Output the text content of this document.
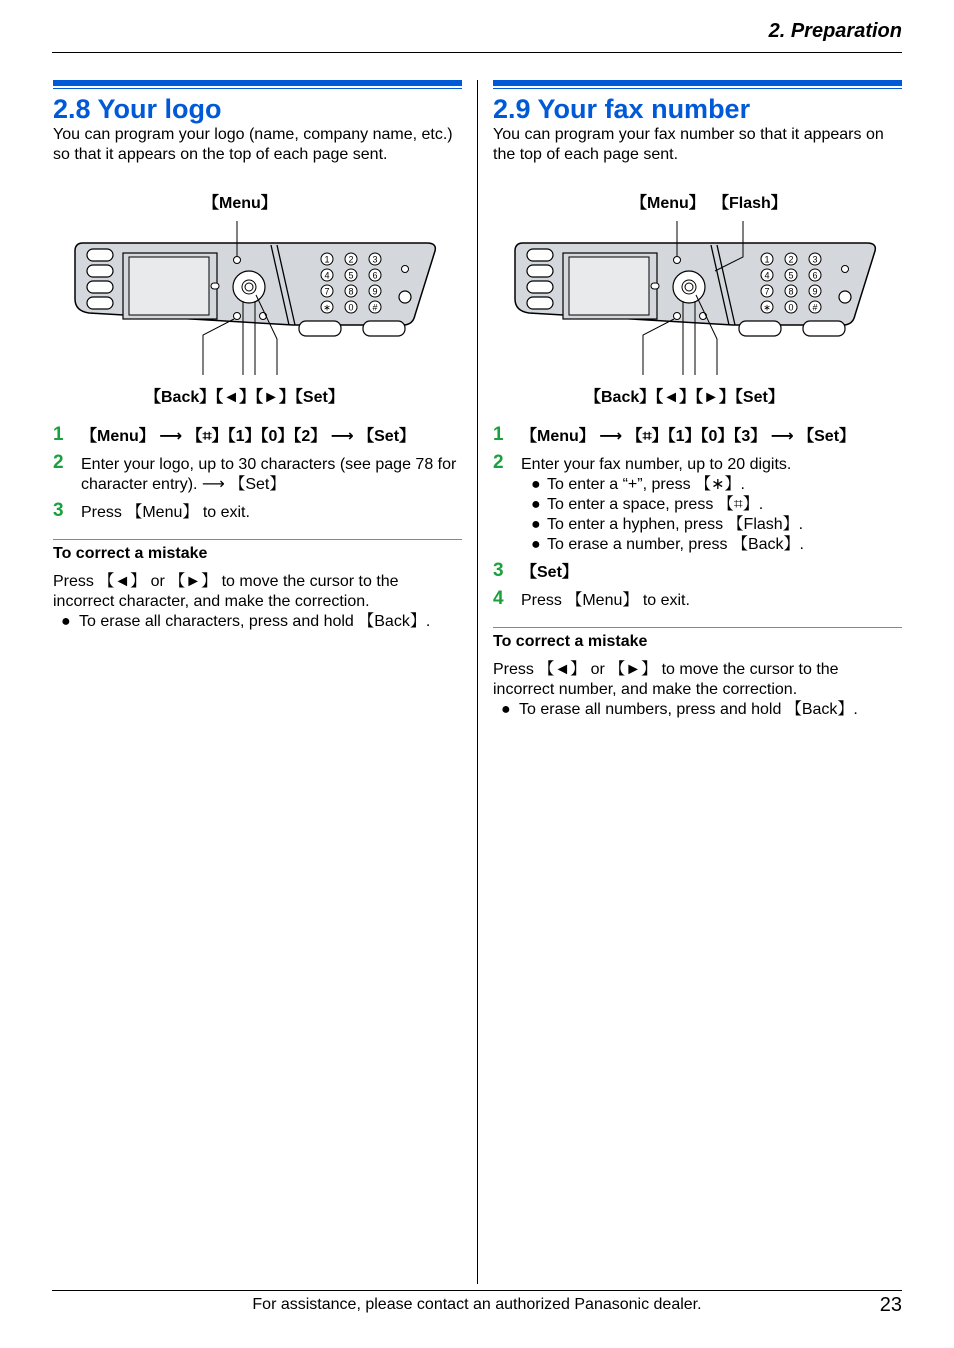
2. Preparation
2.8 Your logo

You can program your logo (name, company name, etc.) so that it appears on the top of each page sent.

【Menu】
1 2 3
4 5 6
7 8 9
∗ 0 #
【Back】【◄】【►】【Set】
1 【Menu】 ⟶ 【⌗】【1】【0】【2】 ⟶ 【Set】
2 Enter your logo, up to 30 characters (see page 78 for character entry). ⟶ 【Set】
3 Press 【Menu】 to exit.
To correct a mistake
Press 【◄】 or 【►】 to move the cursor to the incorrect character, and make the correction.
● To erase all characters, press and hold 【Back】.
2.9 Your fax number

You can program your fax number so that it appears on the top of each page sent.

【Menu】 【Flash】
1 2 3
4 5 6
7 8 9
∗ 0 #
【Back】【◄】【►】【Set】
1 【Menu】 ⟶ 【⌗】【1】【0】【3】 ⟶ 【Set】
2 Enter your fax number, up to 20 digits.
● To enter a “+”, press 【∗】.
● To enter a space, press 【⌗】.
● To enter a hyphen, press 【Flash】.
● To erase a number, press 【Back】.
3 【Set】
4 Press 【Menu】 to exit.
To correct a mistake
Press 【◄】 or 【►】 to move the cursor to the incorrect number, and make the correction.
● To erase all numbers, press and hold 【Back】.
For assistance, please contact an authorized Panasonic dealer.	23
